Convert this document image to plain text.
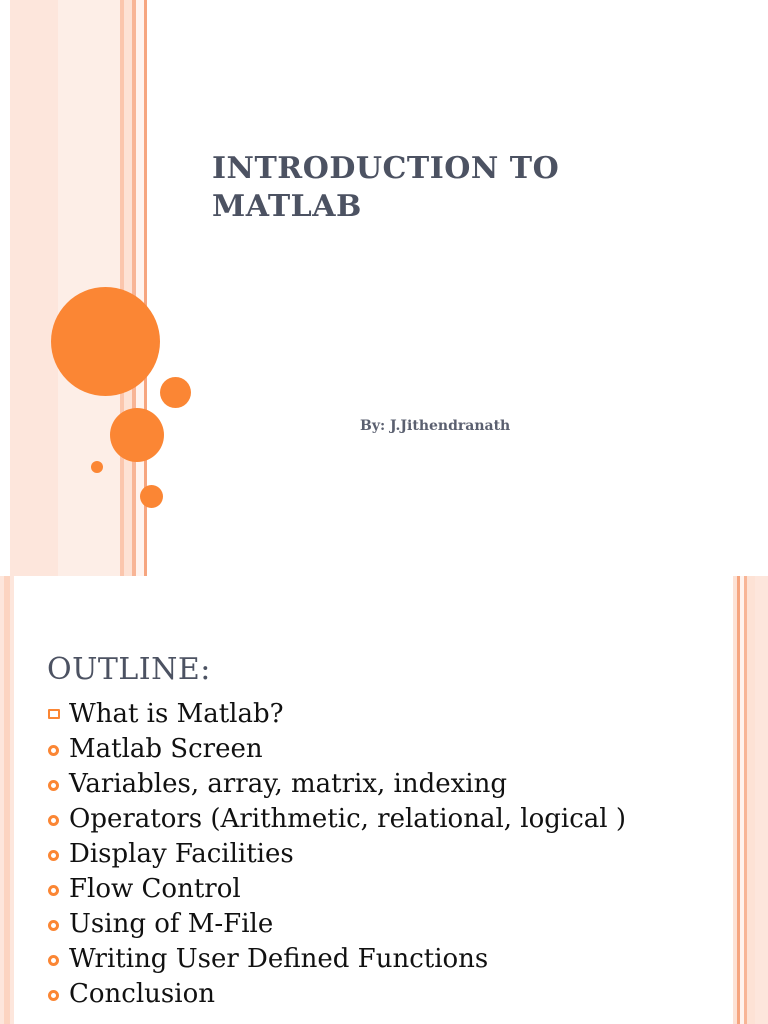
INTRODUCTION TO
MATLAB
By: J.Jithendranath
OUTLINE:
What is Matlab?
Matlab Screen
Variables, array, matrix, indexing
Operators (Arithmetic, relational, logical )
Display Facilities
Flow Control
Using of M-File
Writing User Defined Functions
Conclusion
